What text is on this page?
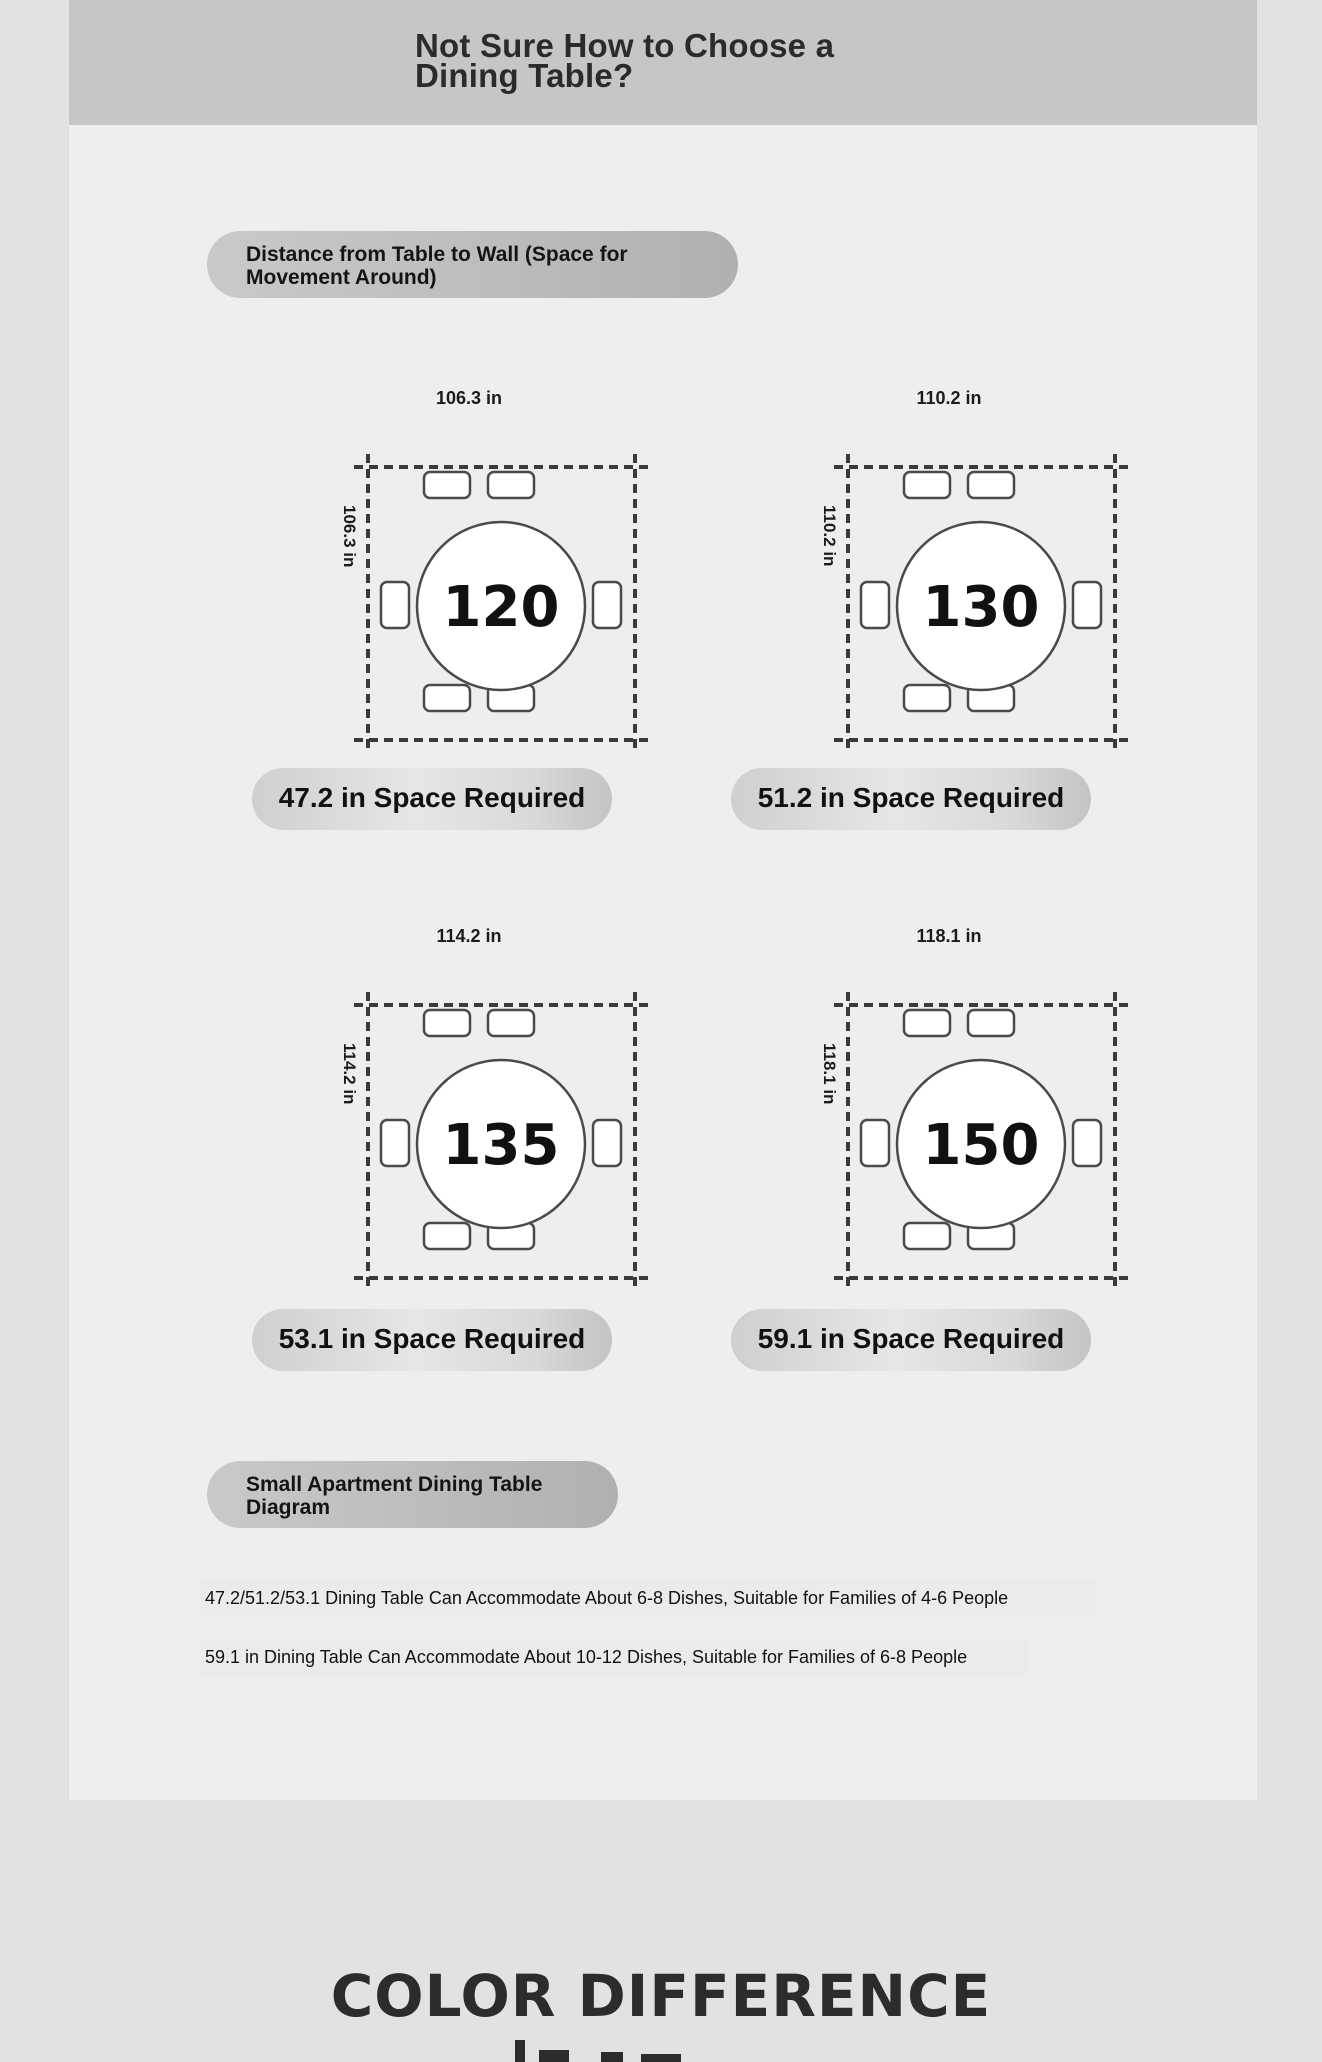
Not Sure How to Choose a Dining Table?
Distance from Table to Wall (Space for Movement Around)
106.3 in
106.3 in
120
110.2 in
110.2 in
130
114.2 in
114.2 in
135
118.1 in
118.1 in
150
47.2 in Space Required	51.2 in Space Required
53.1 in Space Required	59.1 in Space Required
Small Apartment Dining Table Diagram
47.2/51.2/53.1 Dining Table Can Accommodate About 6-8 Dishes, Suitable for Families of 4-6 People
59.1 in Dining Table Can Accommodate About 10-12 Dishes, Suitable for Families of 6-8 People
COLOR DIFFERENCE
